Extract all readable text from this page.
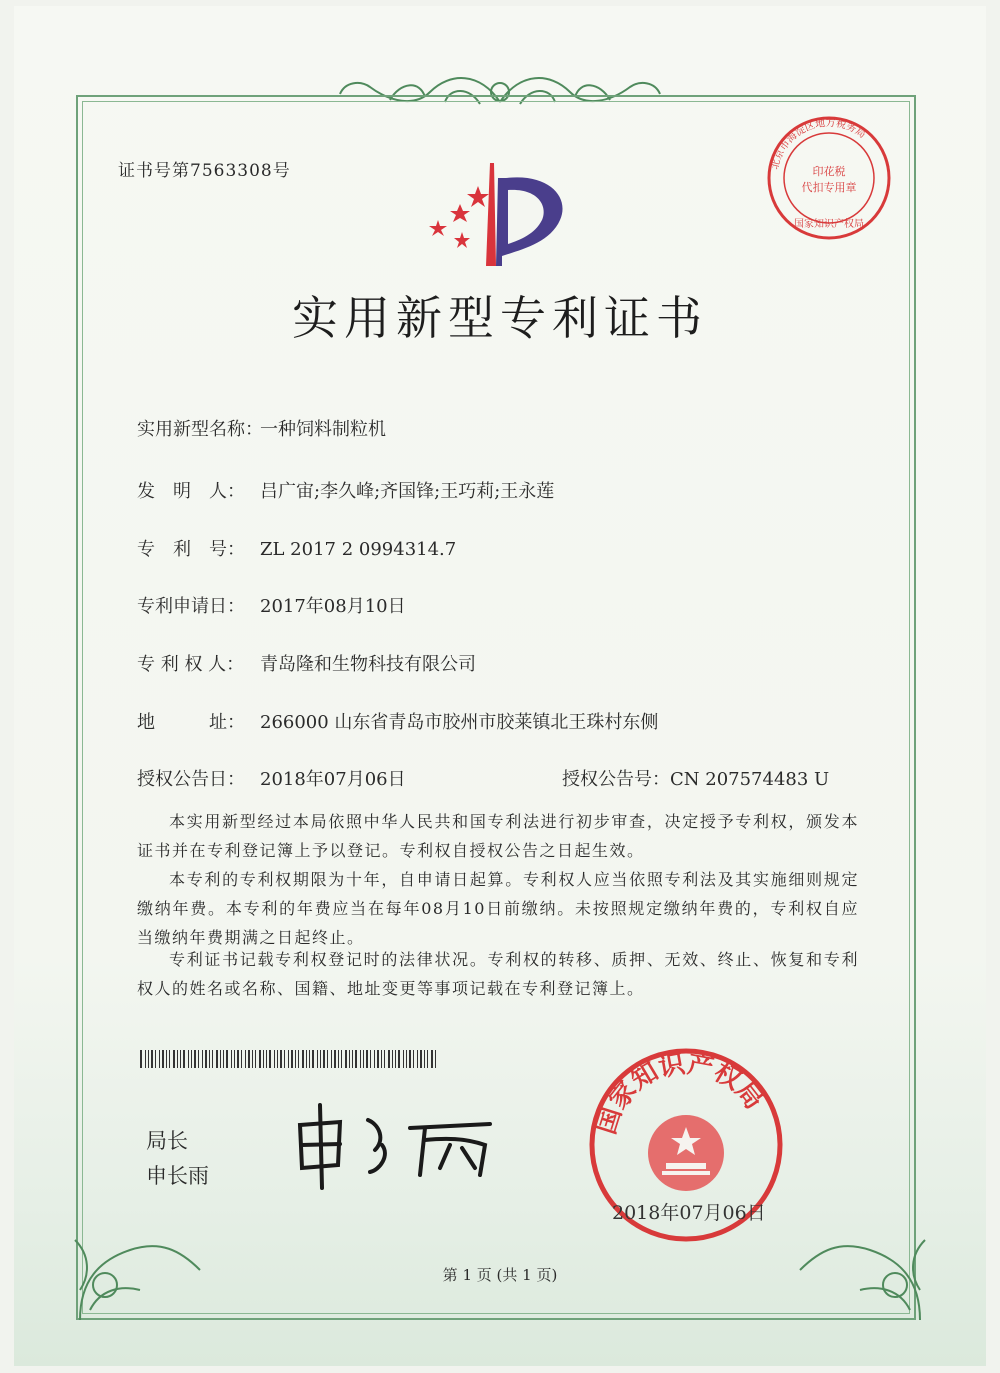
证书号第7563308号
实用新型专利证书
实用新型名称：一种饲料制粒机
发　明　人： 吕广宙;李久峰;齐国锋;王巧莉;王永莲
专　利　号： ZL 2017 2 0994314.7
专利申请日： 2017年08月10日
专 利 权 人： 青岛隆和生物科技有限公司
地　　　址： 266000 山东省青岛市胶州市胶莱镇北王珠村东侧
授权公告日： 2018年07月06日	授权公告号：CN 207574483 U
本实用新型经过本局依照中华人民共和国专利法进行初步审查，决定授予专利权，颁发本证书并在专利登记簿上予以登记。专利权自授权公告之日起生效。
本专利的专利权期限为十年，自申请日起算。专利权人应当依照专利法及其实施细则规定缴纳年费。本专利的年费应当在每年08月10日前缴纳。未按照规定缴纳年费的，专利权自应当缴纳年费期满之日起终止。
专利证书记载专利权登记时的法律状况。专利权的转移、质押、无效、终止、恢复和专利权人的姓名或名称、国籍、地址变更等事项记载在专利登记簿上。
局长
申长雨
北京市海淀区地方税务局
印花税
代扣专用章
国家知识产权局
国家知识产权局
2018年07月06日
第 1 页 (共 1 页)
